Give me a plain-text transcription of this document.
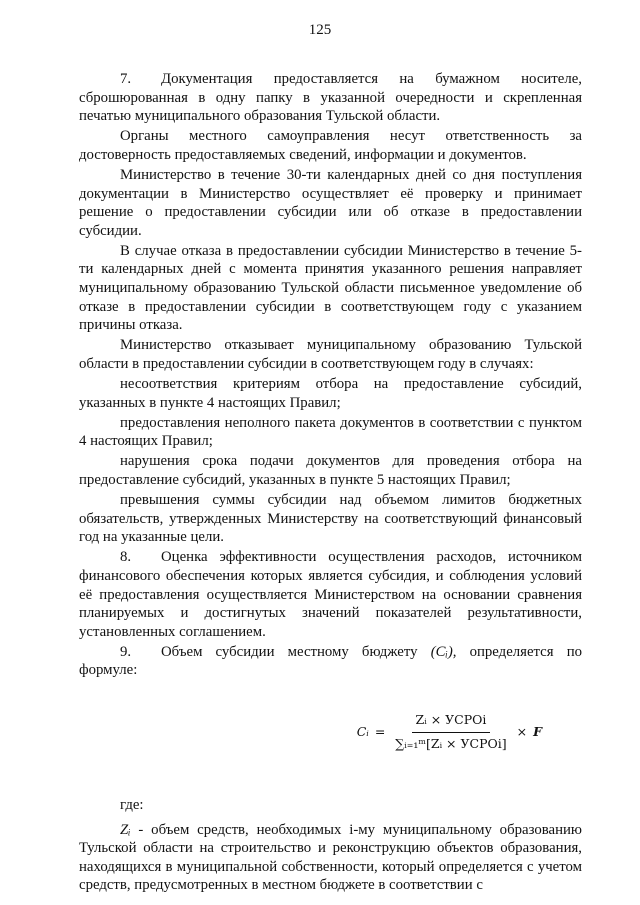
125

7. Документация предоставляется на бумажном носителе, сброшюрованная в одну папку в указанной очередности и скрепленная печатью муниципального образования Тульской области.

Органы местного самоуправления несут ответственность за достоверность предоставляемых сведений, информации и документов.

Министерство в течение 30-ти календарных дней со дня поступления документации в Министерство осуществляет её проверку и принимает решение о предоставлении субсидии или об отказе в предоставлении субсидии.

В случае отказа в предоставлении субсидии Министерство в течение 5-ти календарных дней с момента принятия указанного решения направляет муниципальному образованию Тульской области письменное уведомление об отказе в предоставлении субсидии в соответствующем году с указанием причины отказа.

Министерство отказывает муниципальному образованию Тульской области в предоставлении субсидии в соответствующем году в случаях:

несоответствия критериям отбора на предоставление субсидий, указанных в пункте 4 настоящих Правил;

предоставления неполного пакета документов в соответствии с пунктом 4 настоящих Правил;

нарушения срока подачи документов для проведения отбора на предоставление субсидий, указанных в пункте 5 настоящих Правил;

превышения суммы субсидии над объемом лимитов бюджетных обязательств, утвержденных Министерству на соответствующий финансовый год на указанные цели.

8. Оценка эффективности осуществления расходов, источником финансового обеспечения которых является субсидия, и соблюдения условий её предоставления осуществляется Министерством на основании сравнения планируемых и достигнутых значений показателей результативности, установленных соглашением.

9. Объем субсидии местному бюджету (Cᵢ), определяется по формуле:

Cᵢ = $\frac{\text{Zᵢ × УСРОi}}{\text{∑ᵢ₌₁ᵐ[Zᵢ × УСРОi]}} \times F$

где:

Zᵢ - объем средств, необходимых i-му муниципальному образованию Тульской области на строительство и реконструкцию объектов образования, находящихся в муниципальной собственности, который определяется с учетом средств, предусмотренных в местном бюджете в соответствии с
